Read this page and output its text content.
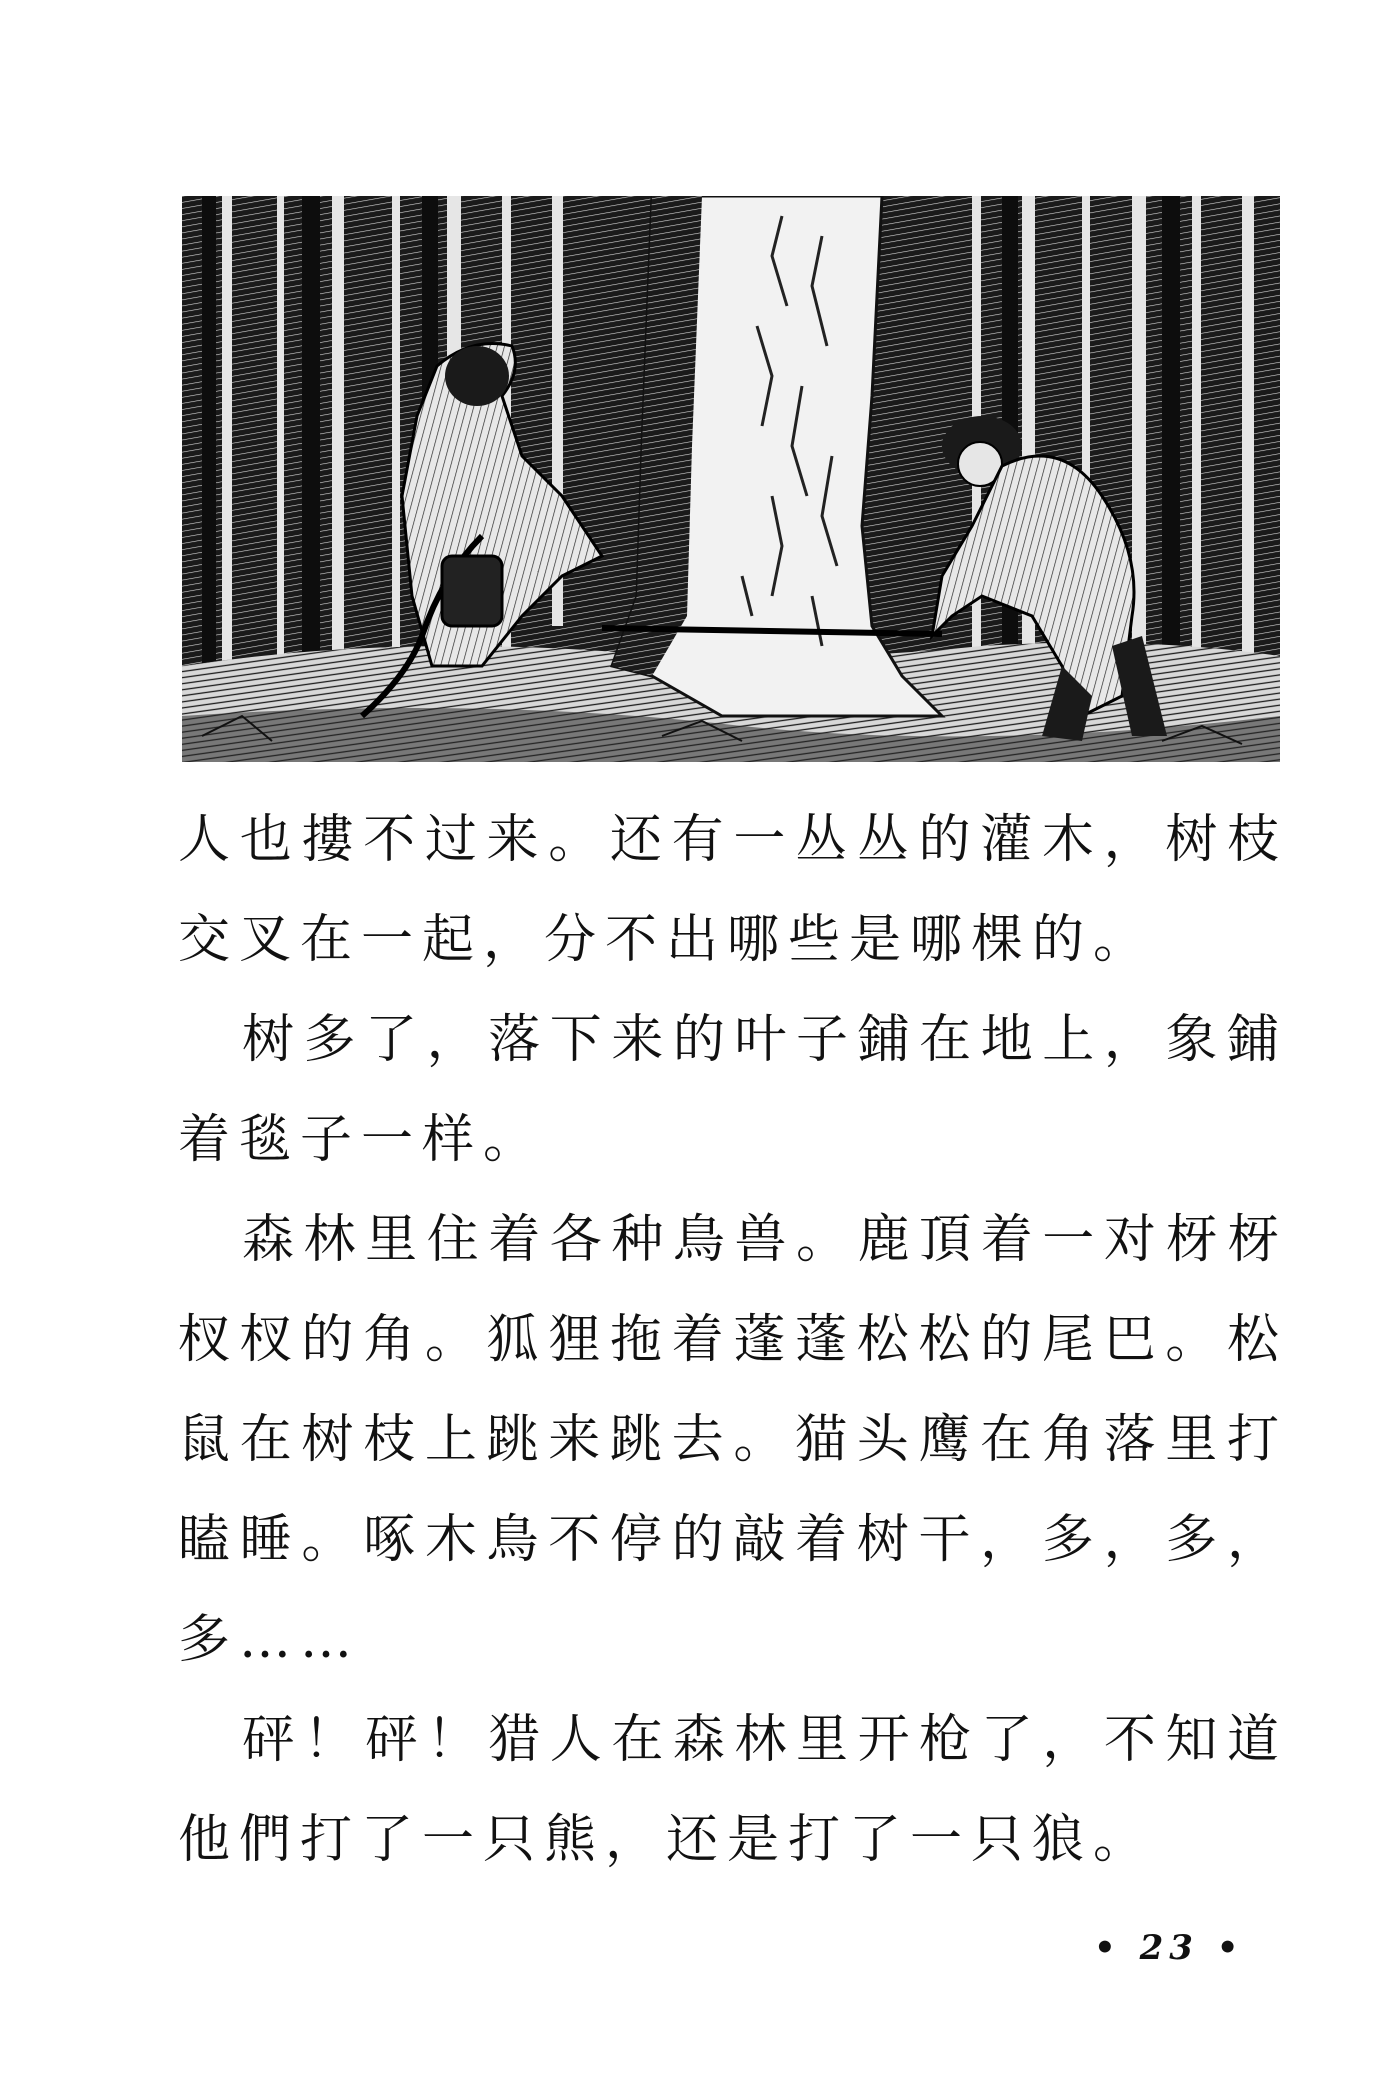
人也摟不过来。还有一丛丛的灌木，树枝交叉在一起，分不出哪些是哪棵的。

树多了，落下来的叶子鋪在地上，象鋪着毯子一样。

森林里住着各种鳥兽。鹿頂着一对枒枒杈杈的角。狐狸拖着蓬蓬松松的尾巴。松鼠在树枝上跳来跳去。猫头鹰在角落里打瞌睡。啄木鳥不停的敲着树干，多，多，多……

砰！砰！猎人在森林里开枪了，不知道他們打了一只熊，还是打了一只狼。

• 23 •
